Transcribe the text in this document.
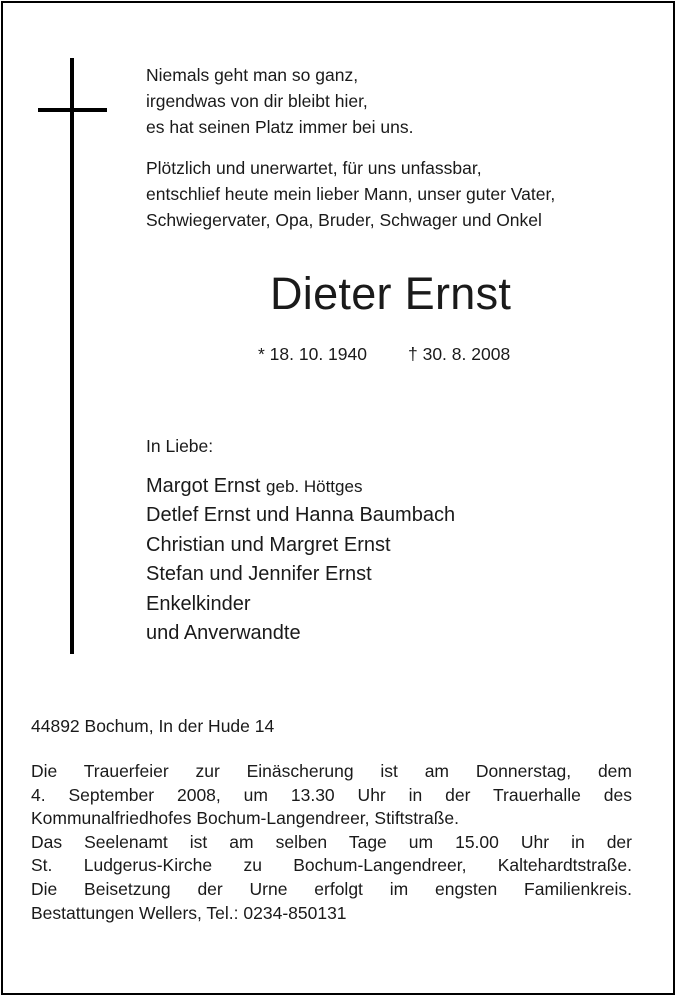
Niemals geht man so ganz,
irgendwas von dir bleibt hier,
es hat seinen Platz immer bei uns.

Plötzlich und unerwartet, für uns unfassbar,
entschlief heute mein lieber Mann, unser guter Vater,
Schwiegervater, Opa, Bruder, Schwager und Onkel

Dieter Ernst
* 18. 10. 1940 † 30. 8. 2008

In Liebe:

Margot Ernst geb. Höttges
Detlef Ernst und Hanna Baumbach
Christian und Margret Ernst
Stefan und Jennifer Ernst
Enkelkinder
und Anverwandte

44892 Bochum, In der Hude 14

Die Trauerfeier zur Einäscherung ist am Donnerstag, dem
4. September 2008, um 13.30 Uhr in der Trauerhalle des
Kommunalfriedhofes Bochum-Langendreer, Stiftstraße.
Das Seelenamt ist am selben Tage um 15.00 Uhr in der
St. Ludgerus-Kirche zu Bochum-Langendreer, Kaltehardtstraße.
Die Beisetzung der Urne erfolgt im engsten Familienkreis.
Bestattungen Wellers, Tel.: 0234-850131
